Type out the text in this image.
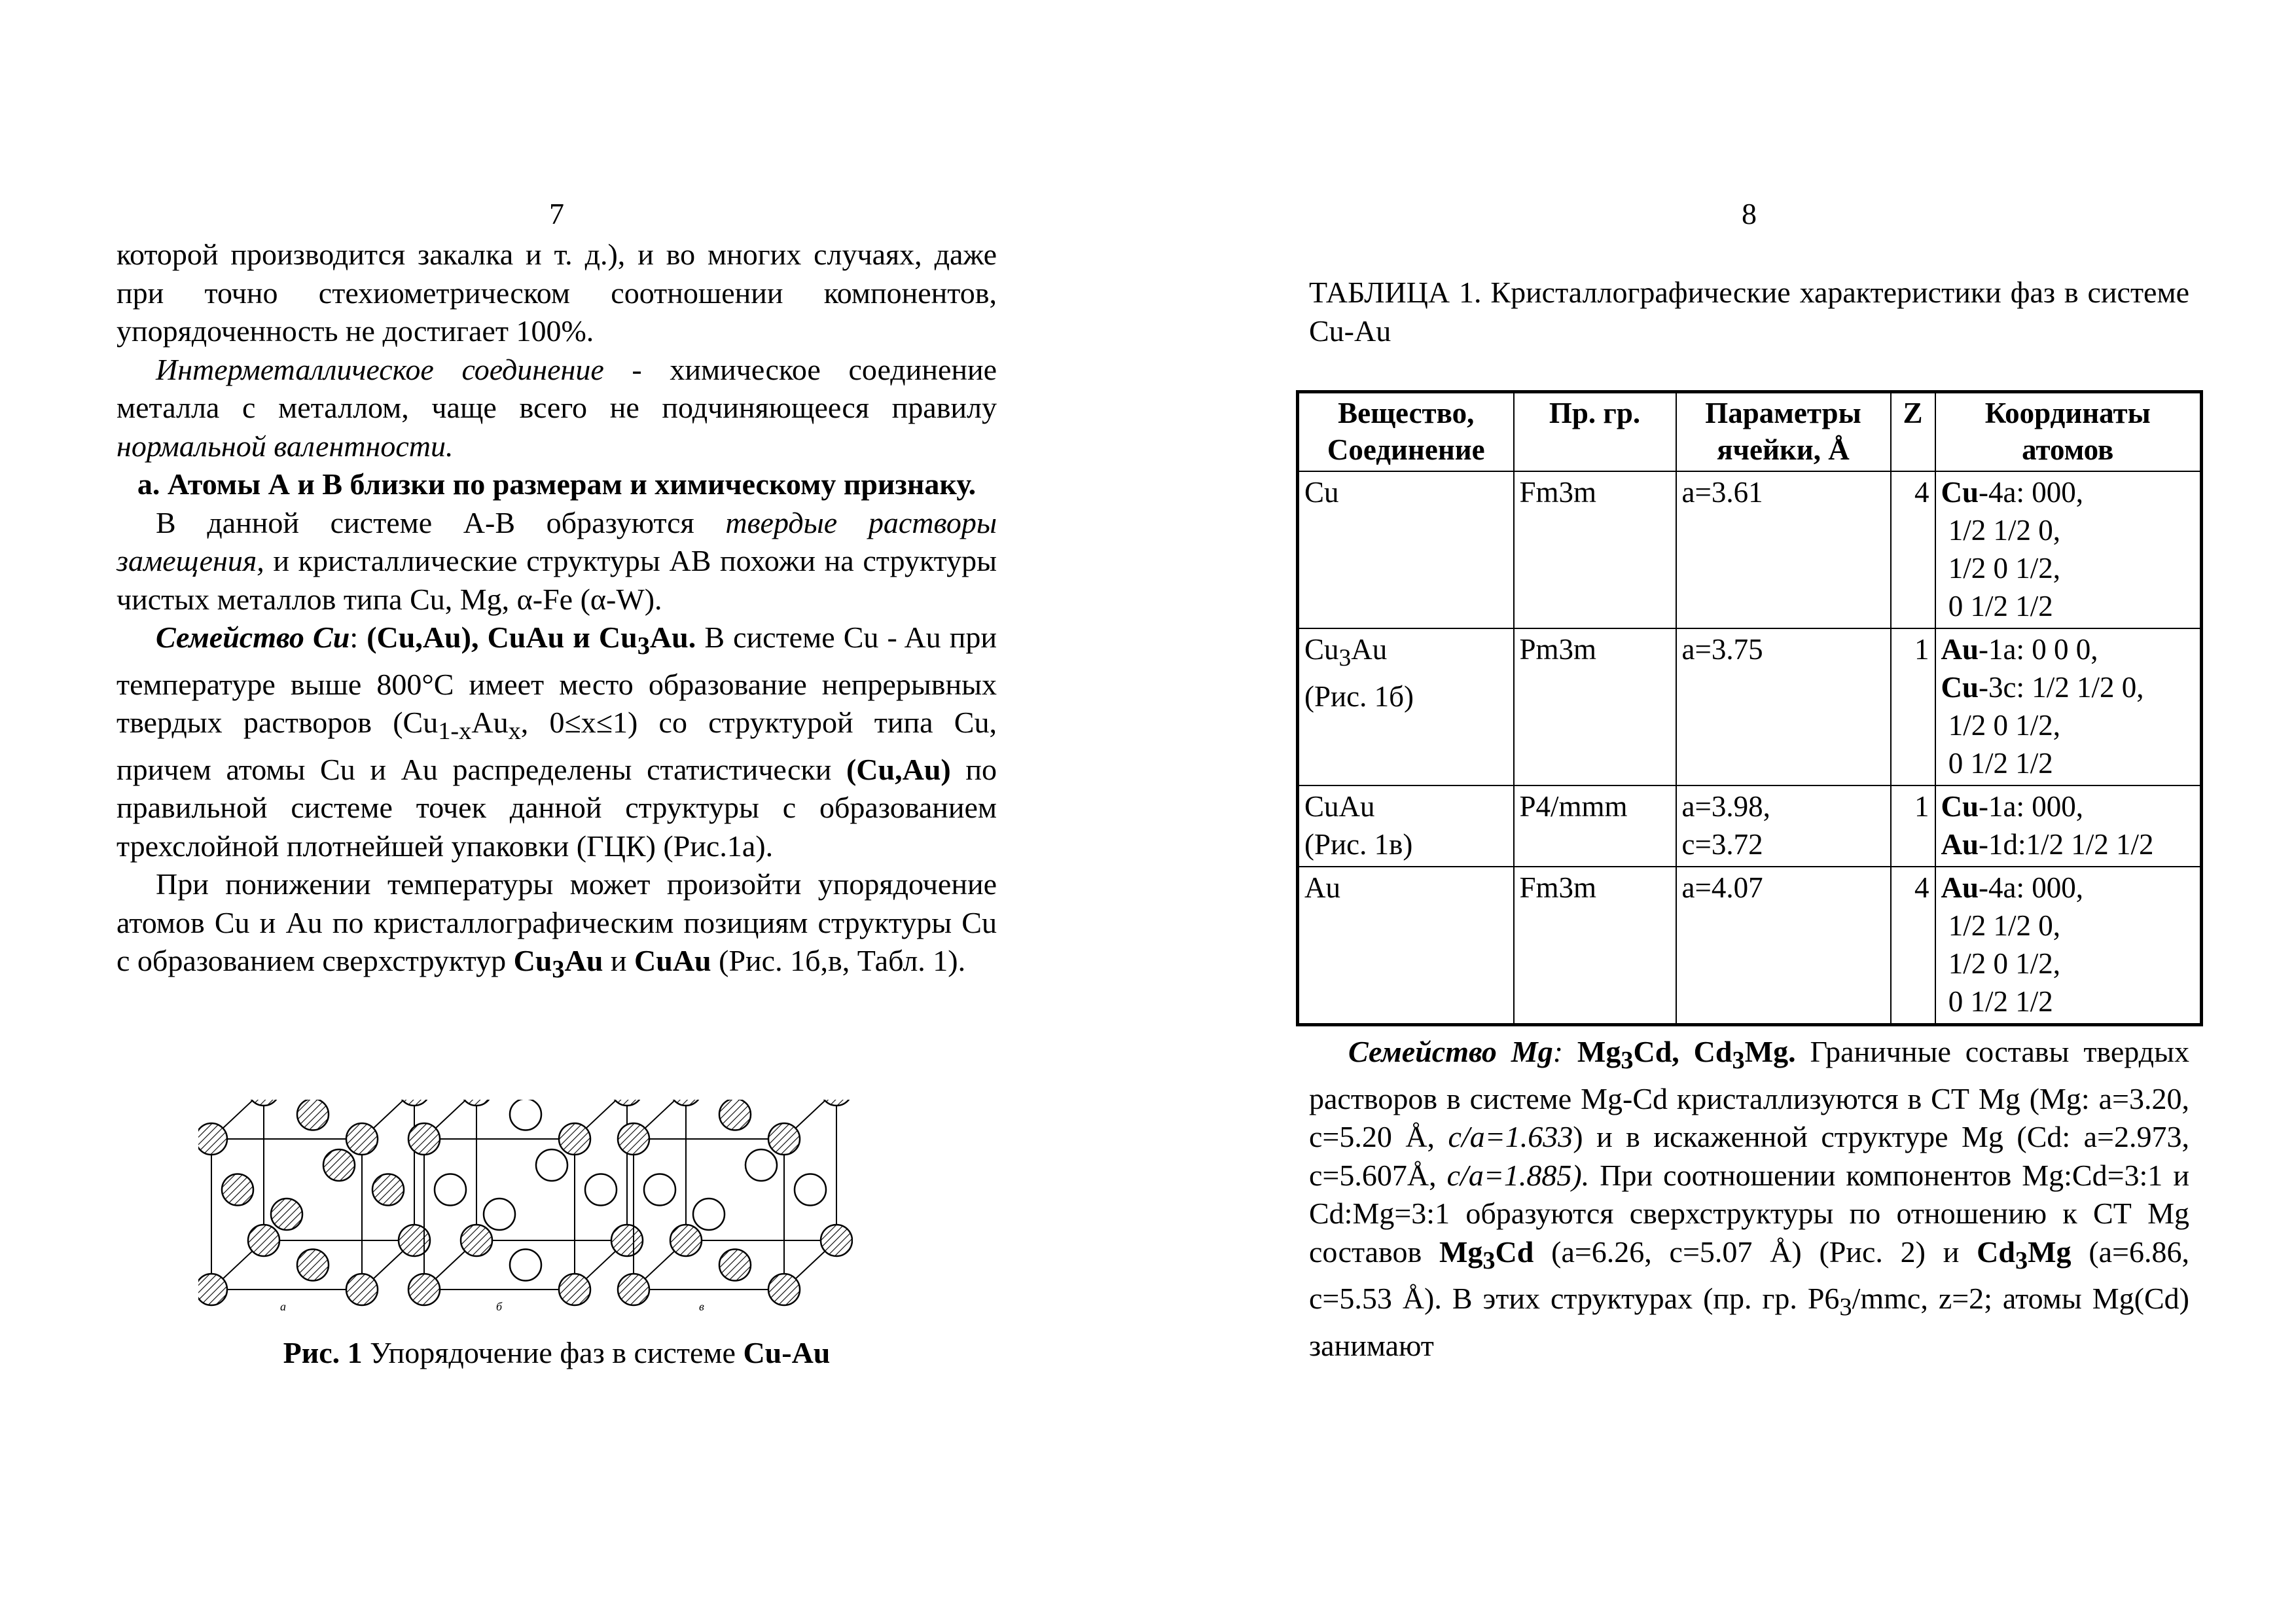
7

которой производится закалка и т. д.), и во многих случаях, даже при точно стехиометрическом соотношении компонентов, упорядоченность не достигает 100%.

Интерметаллическое соединение - химическое соединение металла с металлом, чаще всего не подчиняющееся правилу нормальной валентности.

а. Атомы А и В близки по размерам и химическому признаку.

В данной системе А-В образуются твердые растворы замещения, и кристаллические структуры АВ похожи на структуры чистых металлов типа Cu, Mg, α-Fe (α-W).

Семейство Cu: (Cu,Au), CuAu и $Cu_3Au$. В системе Cu - Au при температуре выше 800°С имеет место образование непрерывных твердых растворов ($Cu_{1-x}Au_x$, 0≤x≤1) со структурой типа Cu, причем атомы Cu и Au распределены статистически (Cu,Au) по правильной системе точек данной структуры с образованием трехслойной плотнейшей упаковки (ГЦК) (Рис.1а).

При понижении температуры может произойти упорядочение атомов Cu и Au по кристаллографическим позициям структуры Cu с образованием сверхструктур $Cu_3Au$ и CuAu (Рис. 1б,в, Табл. 1).

а	б	в
Рис. 1 Упорядочение фаз в системе Cu-Au
8
ТАБЛИЦА 1. Кристаллографические характеристики фаз в системе Cu-Au
Вещество, Соединение	Пр. гр.	Параметры ячейки, Å	Z	Координаты атомов

Cu	Fm3m	a=3.61	4	Cu-4a: 000,
1/2 1/2 0,
1/2 0 1/2,
0 1/2 1/2

$Cu_3Au$
(Рис. 1б)	Pm3m	a=3.75	1	Au-1a: 0 0 0,
Cu-3c: 1/2 1/2 0,
1/2 0 1/2,
0 1/2 1/2

CuAu
(Рис. 1в)	P4/mmm	a=3.98,
c=3.72	1	Cu-1a: 000,
Au-1d:1/2 1/2 1/2

Au	Fm3m	a=4.07	4	Au-4a: 000,
1/2 1/2 0,
1/2 0 1/2,
0 1/2 1/2

Семейство Mg: $Mg_3Cd$, $Cd_3Mg$. Граничные составы твердых растворов в системе Mg-Cd кристаллизуются в СТ Mg (Mg: a=3.20, c=5.20 Å, c/a=1.633) и в искаженной структуре Mg (Cd: a=2.973, c=5.607Å, c/a=1.885). При соотношении компонентов Mg:Cd=3:1 и Cd:Mg=3:1 образуются сверхструктуры по отношению к СТ Mg составов $Mg_3Cd$ (a=6.26, c=5.07 Å) (Рис. 2) и $Cd_3Mg$ (a=6.86, c=5.53 Å). В этих структурах (пр. гр. $P6_3$/mmc, z=2; атомы Mg(Cd) занимают
